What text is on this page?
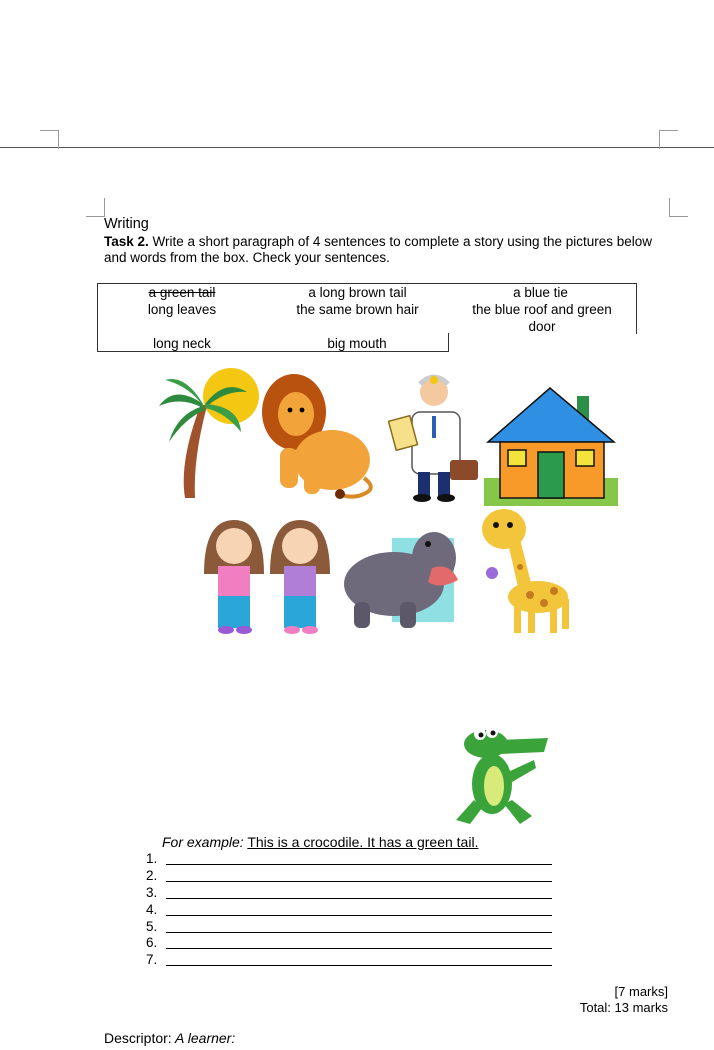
Writing
Task 2. Write a short paragraph of 4 sentences to complete a story using the pictures below and words from the box. Check your sentences.
a green tail	a long brown tail	a blue tie
long leaves	the same brown hair	the blue roof and green
door
long neck	big mouth
For example: This is a crocodile. It has a green tail.
1.
2.
3.
4.
5.
6.
7.
[7 marks]
Total: 13 marks
Descriptor: A learner:
